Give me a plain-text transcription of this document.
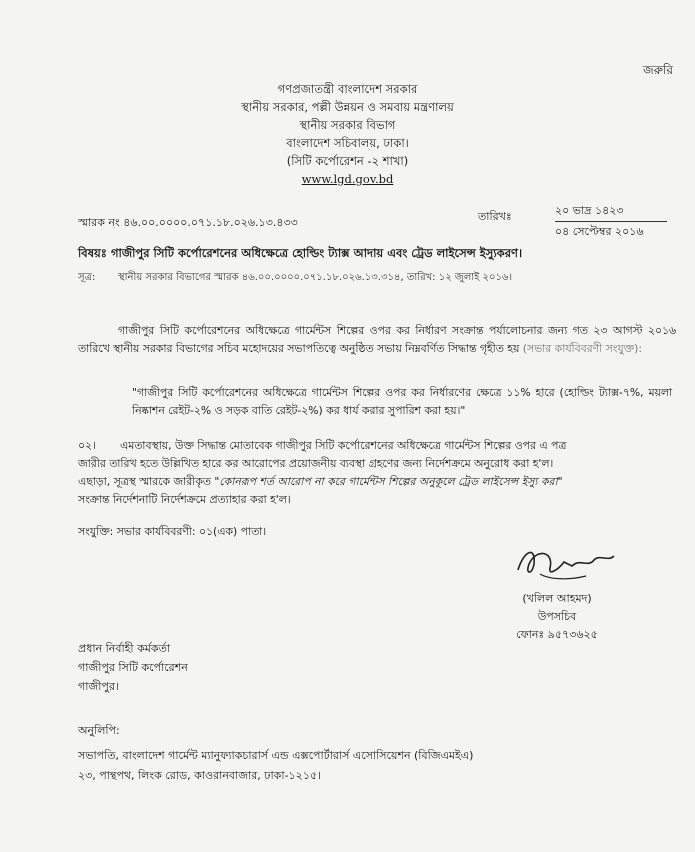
জরুরি
গণপ্রজাতন্ত্রী বাংলাদেশ সরকার
স্থানীয় সরকার, পল্লী উন্নয়ন ও সমবায় মন্ত্রণালয়
স্থানীয় সরকার বিভাগ
বাংলাদেশ সচিবালয়, ঢাকা।
(সিটি কর্পোরেশন -২ শাখা)
www.lgd.gov.bd
স্মারক নং ৪৬.০০.০০০০.০৭১.১৮.০২৬.১৩.৪৩৩	তারিখঃ	২০ ভাদ্র ১৪২৩
০৪ সেপ্টেম্বর ২০১৬
বিষয়ঃ গাজীপুর সিটি কর্পোরেশনের অধিক্ষেত্রে হোল্ডিং ট্যাক্স আদায় এবং ট্রেড লাইসেন্স ইস্যুকরণ।
সূত্র: স্থানীয় সরকার বিভাগের স্মারক ৪৬.০০.০০০০.০৭১.১৮.০২৬.১৩.৩১৪, তারিখ: ১২ জুলাই ২০১৬।
গাজীপুর সিটি কর্পোরেশনের অধিক্ষেত্রে গার্মেন্টস শিল্পের ওপর কর নির্ধারণ সংক্রান্ত পর্যালোচনার জন্য গত ২৩ আগস্ট ২০১৬ তারিখে স্থানীয় সরকার বিভাগের সচিব মহোদয়ের সভাপতিত্বে অনুষ্ঠিত সভায় নিম্নবর্ণিত সিদ্ধান্ত গৃহীত হয় (সভার কার্যবিবরণী সংযুক্ত):
"গাজীপুর সিটি কর্পোরেশনের অধিক্ষেত্রে গার্মেন্টস শিল্পের ওপর কর নির্ধারণের ক্ষেত্রে ১১% হারে (হোল্ডিং ট্যাক্স-৭%, ময়লা নিষ্কাশন রেইট-২% ও সড়ক বাতি রেইট-২%) কর ধার্য করার সুপারিশ করা হয়।"
০২। এমতাবস্থায়, উক্ত সিদ্ধান্ত মোতাবেক গাজীপুর সিটি কর্পোরেশনের অধিক্ষেত্রে গার্মেন্টস শিল্পের ওপর এ পত্র
জারীর তারিখ হতে উল্লিখিত হারে কর আরোপের প্রয়োজনীয় ব্যবস্থা গ্রহণের জন্য নির্দেশক্রমে অনুরোধ করা হ'ল।
এছাড়া, সূত্রস্থ স্মারকে জারীকৃত "কোনরূপ শর্ত আরোপ না করে গার্মেন্টস শিল্পের অনুকূলে ট্রেড লাইসেন্স ইস্যু করা"
সংক্রান্ত নির্দেশনাটি নির্দেশক্রমে প্রত্যাহার করা হ'ল।
সংযুক্তি: সভার কার্যবিবরণী: ০১(এক) পাতা।
(খলিল আহমদ)
উপসচিব
ফোনঃ ৯৫৭৩৬২৫
প্রধান নির্বাহী কর্মকর্তা
গাজীপুর সিটি কর্পোরেশন
গাজীপুর।
অনুলিপি:
সভাপতি, বাংলাদেশ গার্মেন্ট ম্যানুফ্যাকচারার্স এন্ড এক্সপোর্টারার্স এসোসিয়েশন (বিজিএমইএ)
২৩, পান্থপথ, লিংক রোড, কাওরানবাজার, ঢাকা-১২১৫।
